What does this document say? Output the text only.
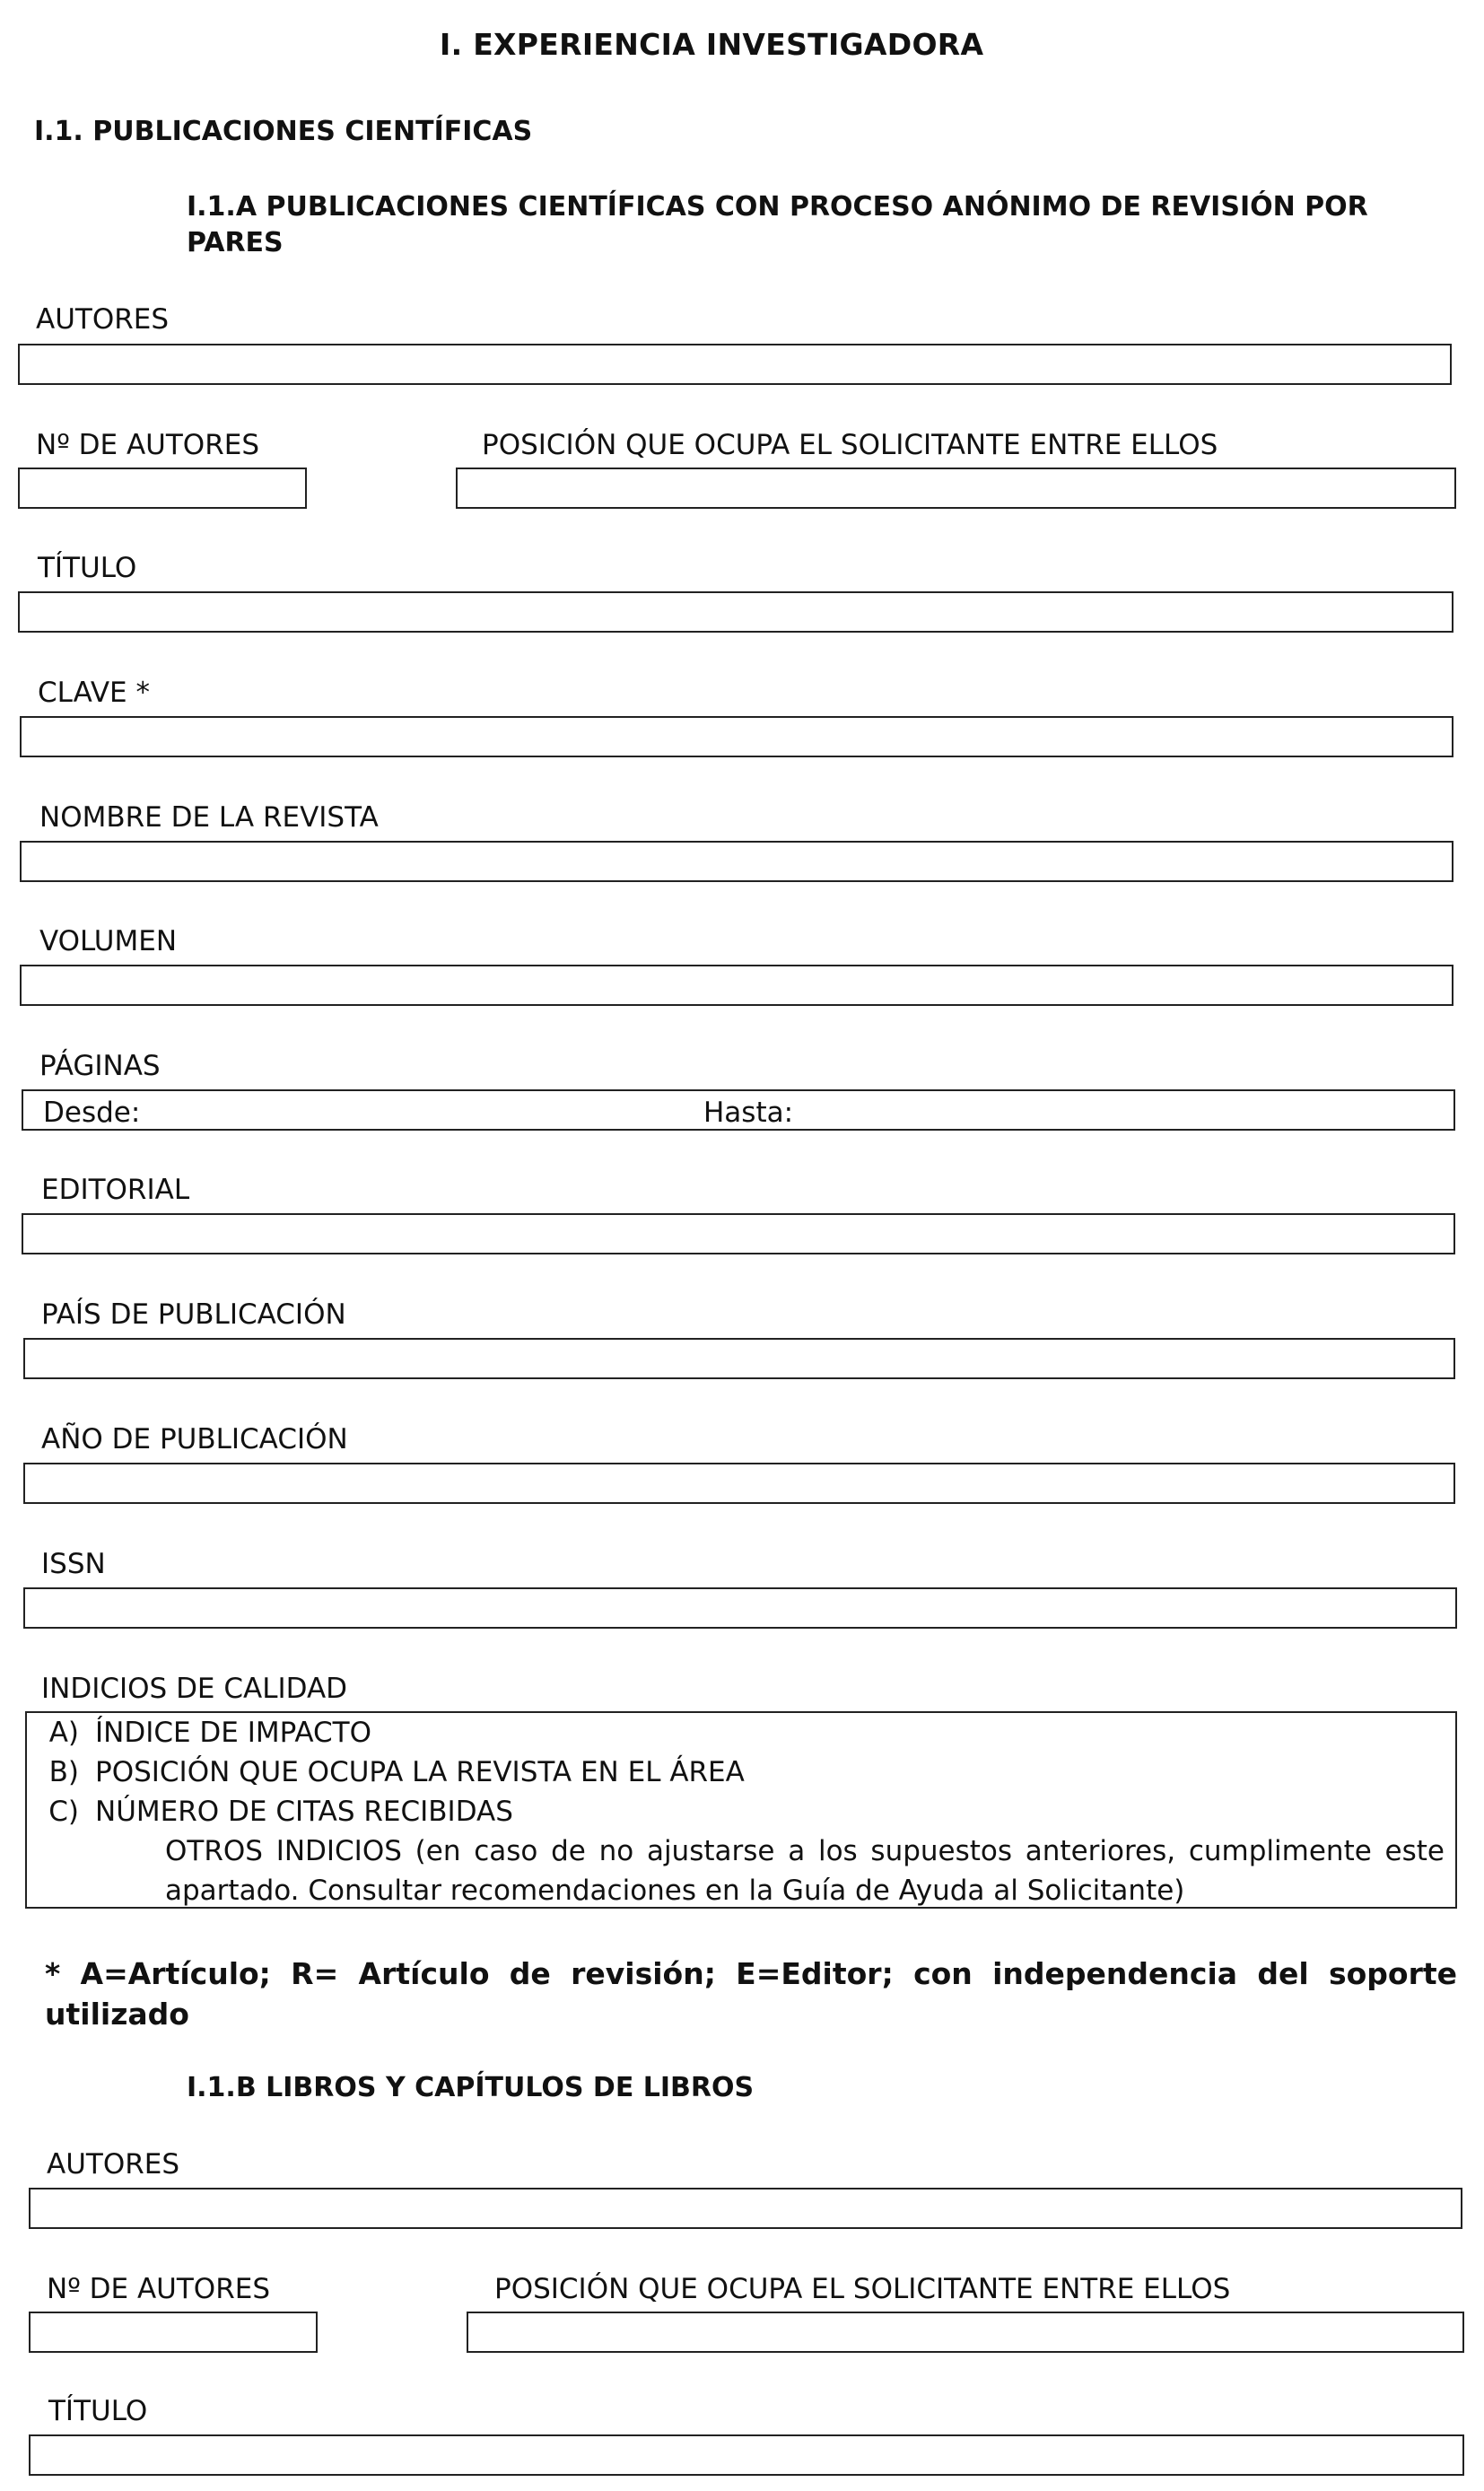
I. EXPERIENCIA INVESTIGADORA
I.1. PUBLICACIONES CIENTÍFICAS
I.1.A PUBLICACIONES CIENTÍFICAS CON PROCESO ANÓNIMO DE REVISIÓN POR PARES
AUTORES
Nº DE AUTORES	POSICIÓN QUE OCUPA EL SOLICITANTE ENTRE ELLOS
TÍTULO
CLAVE *
NOMBRE DE LA REVISTA
VOLUMEN
PÁGINAS
Desde:	Hasta:
EDITORIAL
PAÍS DE PUBLICACIÓN
AÑO DE PUBLICACIÓN
ISSN
INDICIOS DE CALIDAD
A) ÍNDICE DE IMPACTO
B) POSICIÓN QUE OCUPA LA REVISTA EN EL ÁREA
C) NÚMERO DE CITAS RECIBIDAS
OTROS INDICIOS (en caso de no ajustarse a los supuestos anteriores, cumplimente este apartado. Consultar recomendaciones en la Guía de Ayuda al Solicitante)
* A=Artículo; R= Artículo de revisión; E=Editor; con independencia del soporte utilizado
I.1.B LIBROS Y CAPÍTULOS DE LIBROS
AUTORES
Nº DE AUTORES	POSICIÓN QUE OCUPA EL SOLICITANTE ENTRE ELLOS
TÍTULO
